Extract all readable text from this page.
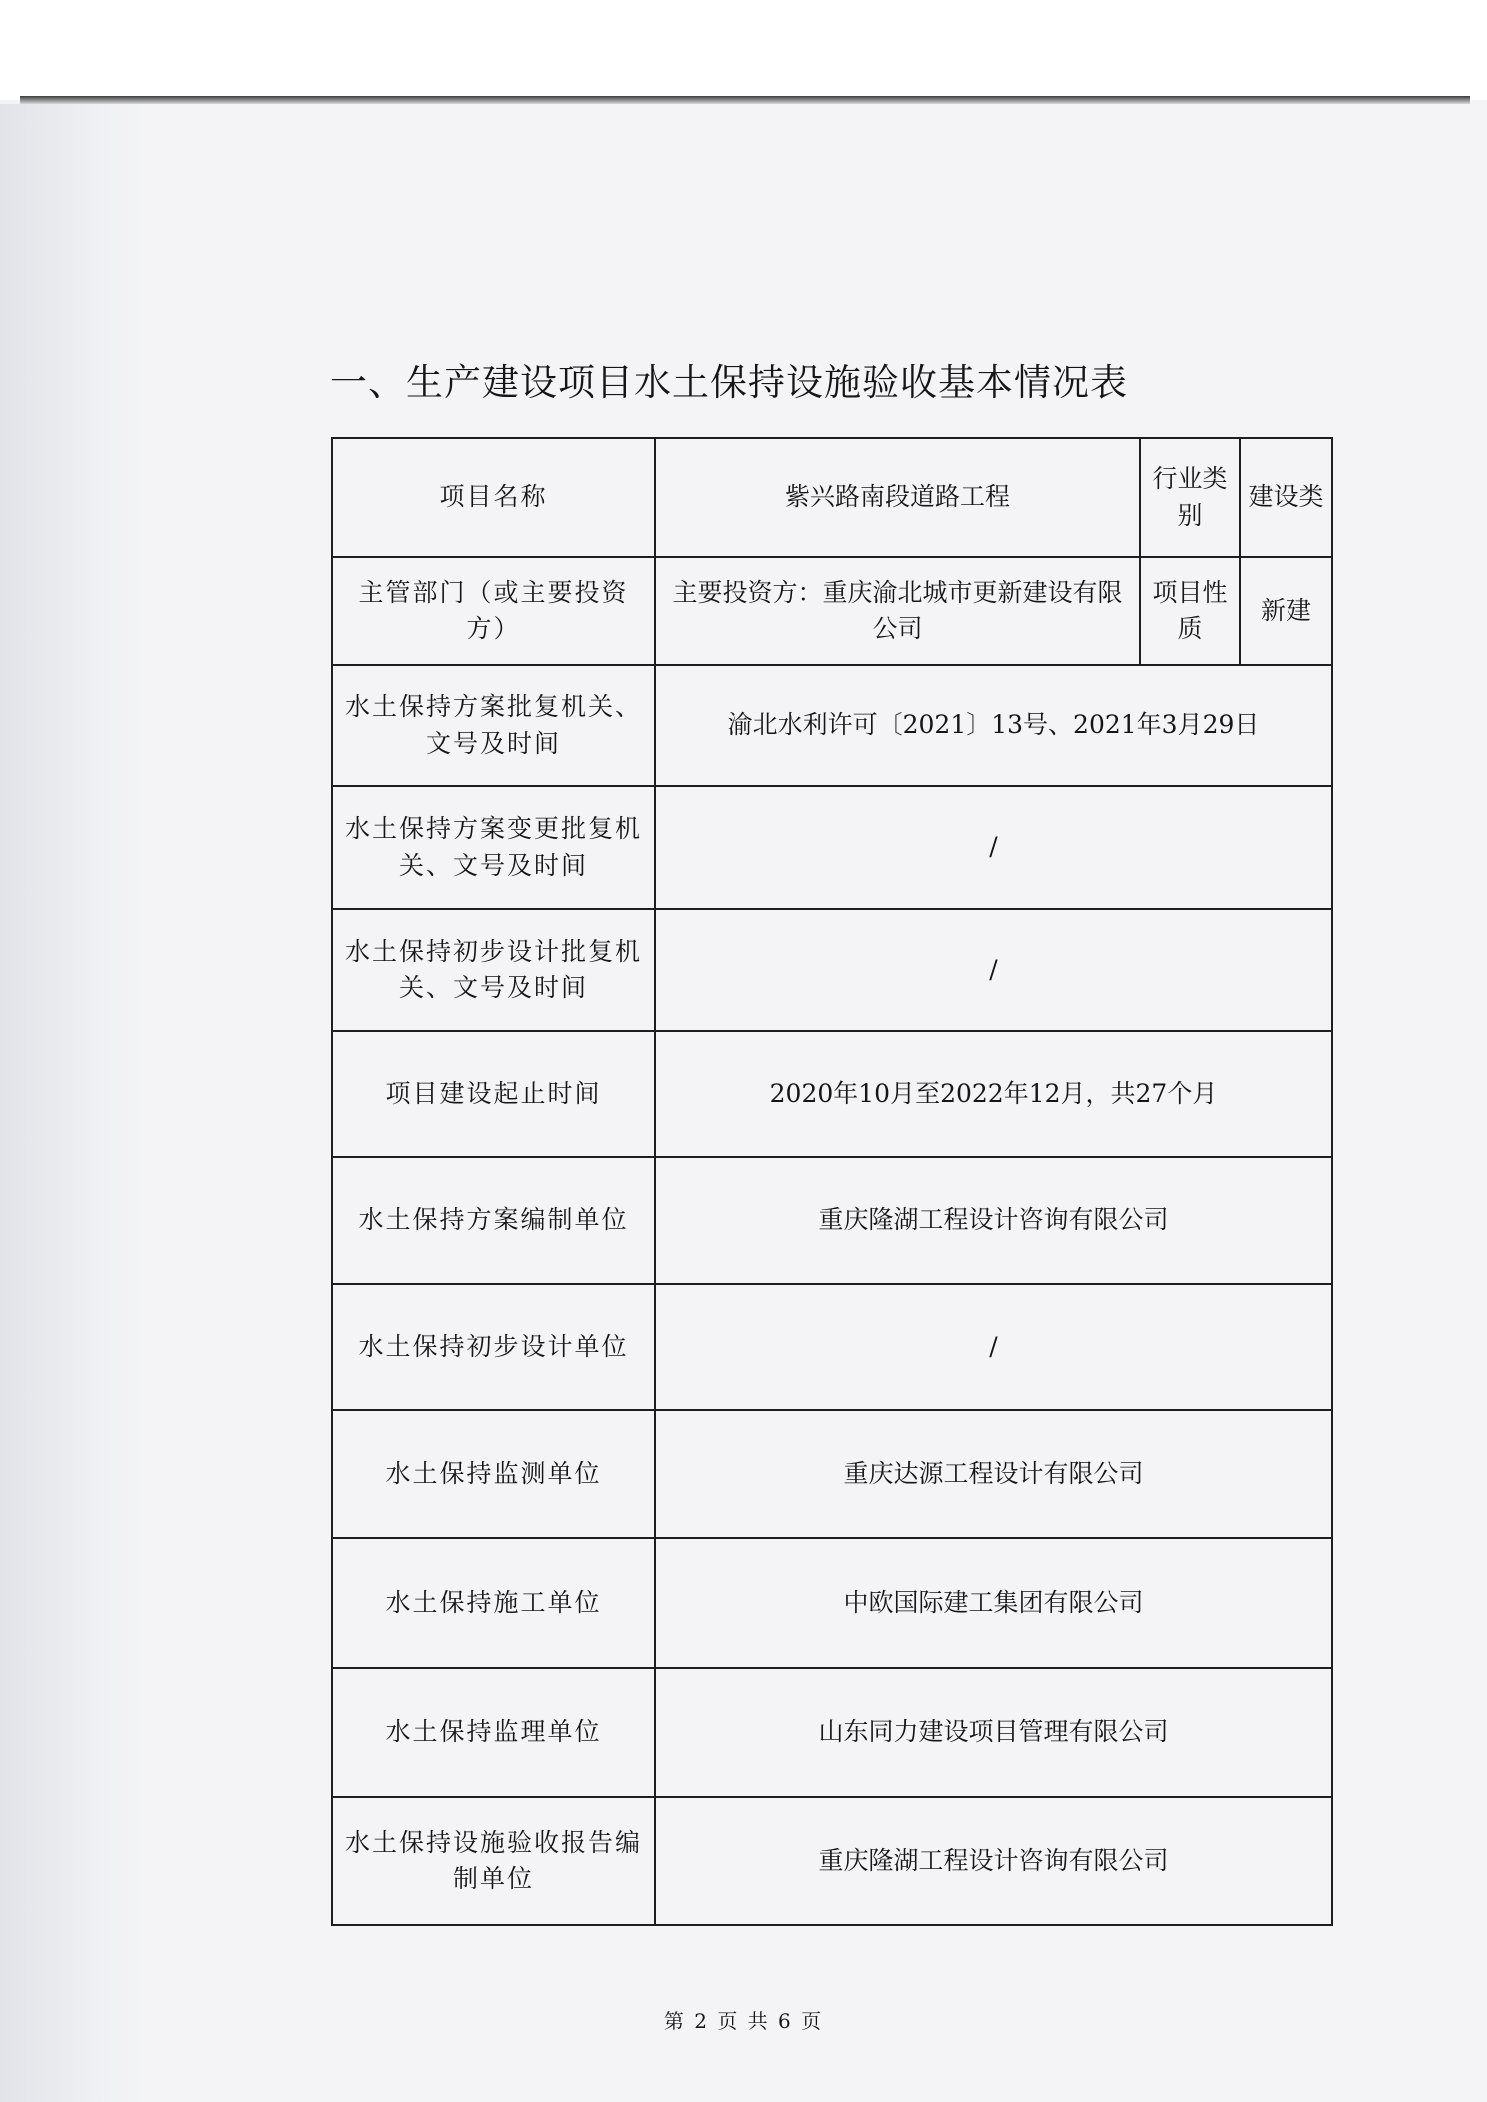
一、生产建设项目水土保持设施验收基本情况表
项目名称	紫兴路南段道路工程	行业类别	建设类
主管部门（或主要投资方）	主要投资方：重庆渝北城市更新建设有限公司	项目性质	新建
水土保持方案批复机关、文号及时间	渝北水利许可〔2021〕13号、2021年3月29日		
水土保持方案变更批复机关、文号及时间	/		
水土保持初步设计批复机关、文号及时间	/		
项目建设起止时间	2020年10月至2022年12月，共27个月		
水土保持方案编制单位	重庆隆湖工程设计咨询有限公司		
水土保持初步设计单位	/		
水土保持监测单位	重庆达源工程设计有限公司		
水土保持施工单位	中欧国际建工集团有限公司		
水土保持监理单位	山东同力建设项目管理有限公司		
水土保持设施验收报告编制单位	重庆隆湖工程设计咨询有限公司		
第 2 页 共 6 页
